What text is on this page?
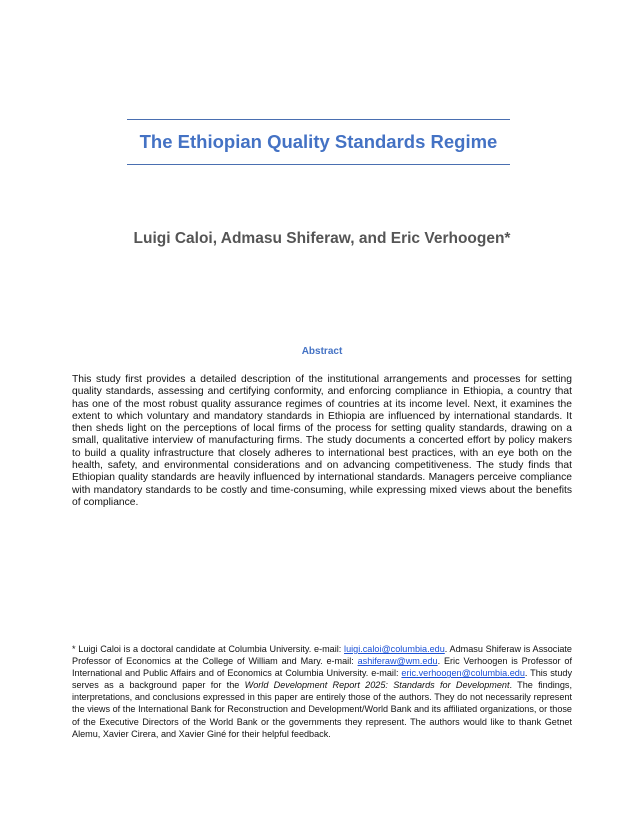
The Ethiopian Quality Standards Regime
Luigi Caloi, Admasu Shiferaw, and Eric Verhoogen*
Abstract
This study first provides a detailed description of the institutional arrangements and processes for setting quality standards, assessing and certifying conformity, and enforcing compliance in Ethiopia, a country that has one of the most robust quality assurance regimes of countries at its income level. Next, it examines the extent to which voluntary and mandatory standards in Ethiopia are influenced by international standards. It then sheds light on the perceptions of local firms of the process for setting quality standards, drawing on a small, qualitative interview of manufacturing firms. The study documents a concerted effort by policy makers to build a quality infrastructure that closely adheres to international best practices, with an eye both on the health, safety, and environmental considerations and on advancing competitiveness. The study finds that Ethiopian quality standards are heavily influenced by international standards. Managers perceive compliance with mandatory standards to be costly and time-consuming, while expressing mixed views about the benefits of compliance.
* Luigi Caloi is a doctoral candidate at Columbia University. e-mail: luigi.caloi@columbia.edu. Admasu Shiferaw is Associate Professor of Economics at the College of William and Mary. e-mail: ashiferaw@wm.edu. Eric Verhoogen is Professor of International and Public Affairs and of Economics at Columbia University. e-mail: eric.verhoogen@columbia.edu. This study serves as a background paper for the World Development Report 2025: Standards for Development. The findings, interpretations, and conclusions expressed in this paper are entirely those of the authors. They do not necessarily represent the views of the International Bank for Reconstruction and Development/World Bank and its affiliated organizations, or those of the Executive Directors of the World Bank or the governments they represent. The authors would like to thank Getnet Alemu, Xavier Cirera, and Xavier Giné for their helpful feedback.
